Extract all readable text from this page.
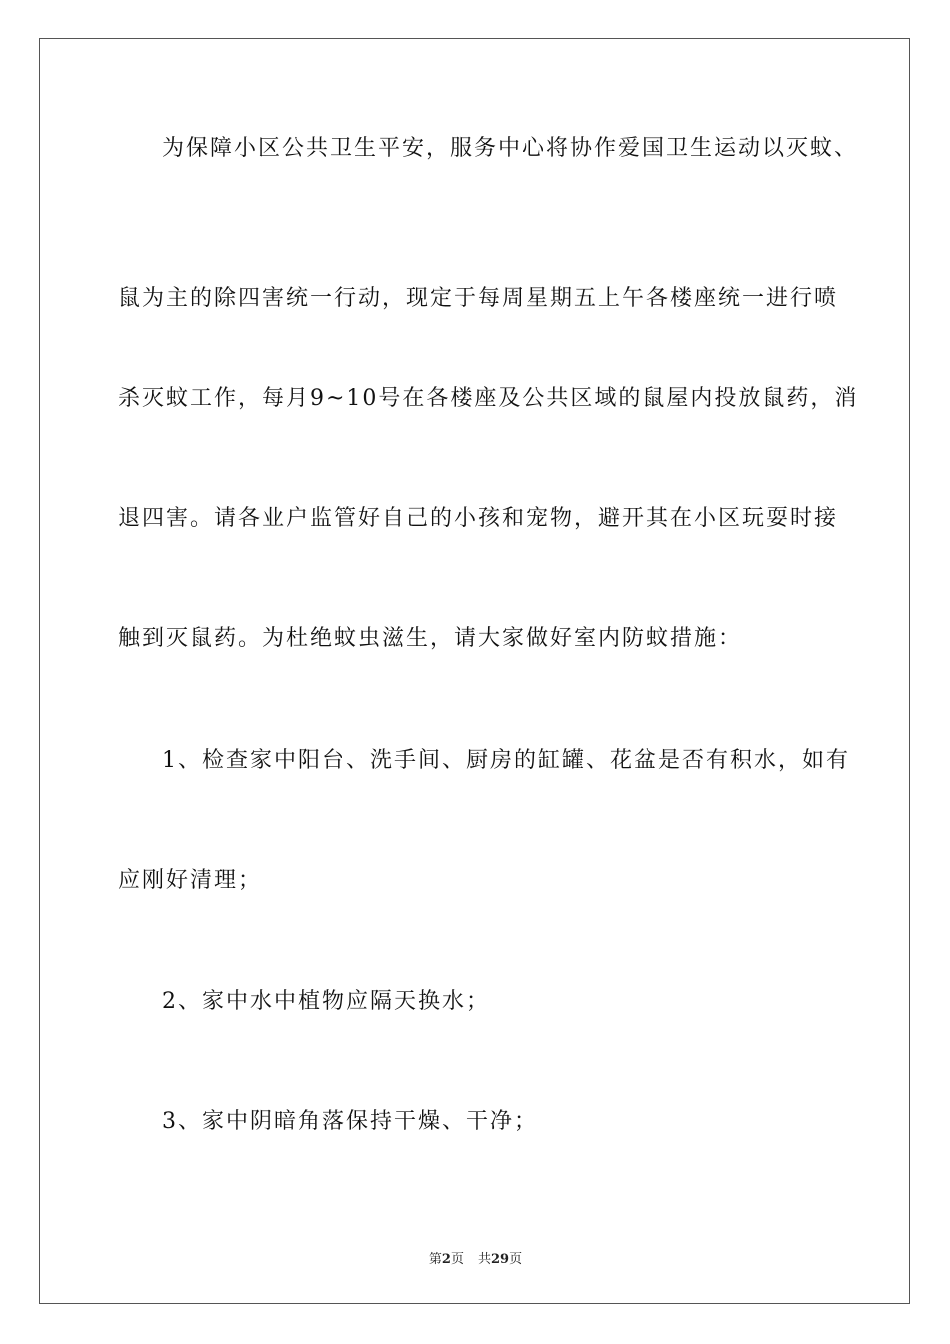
为保障小区公共卫生平安，服务中心将协作爱国卫生运动以灭蚊、
鼠为主的除四害统一行动，现定于每周星期五上午各楼座统一进行喷
杀灭蚊工作，每月9~10号在各楼座及公共区域的鼠屋内投放鼠药，消
退四害。请各业户监管好自己的小孩和宠物，避开其在小区玩耍时接
触到灭鼠药。为杜绝蚊虫滋生，请大家做好室内防蚊措施：
1、检查家中阳台、洗手间、厨房的缸罐、花盆是否有积水，如有
应刚好清理；
2、家中水中植物应隔天换水；
3、家中阴暗角落保持干燥、干净；
第2页 共29页
